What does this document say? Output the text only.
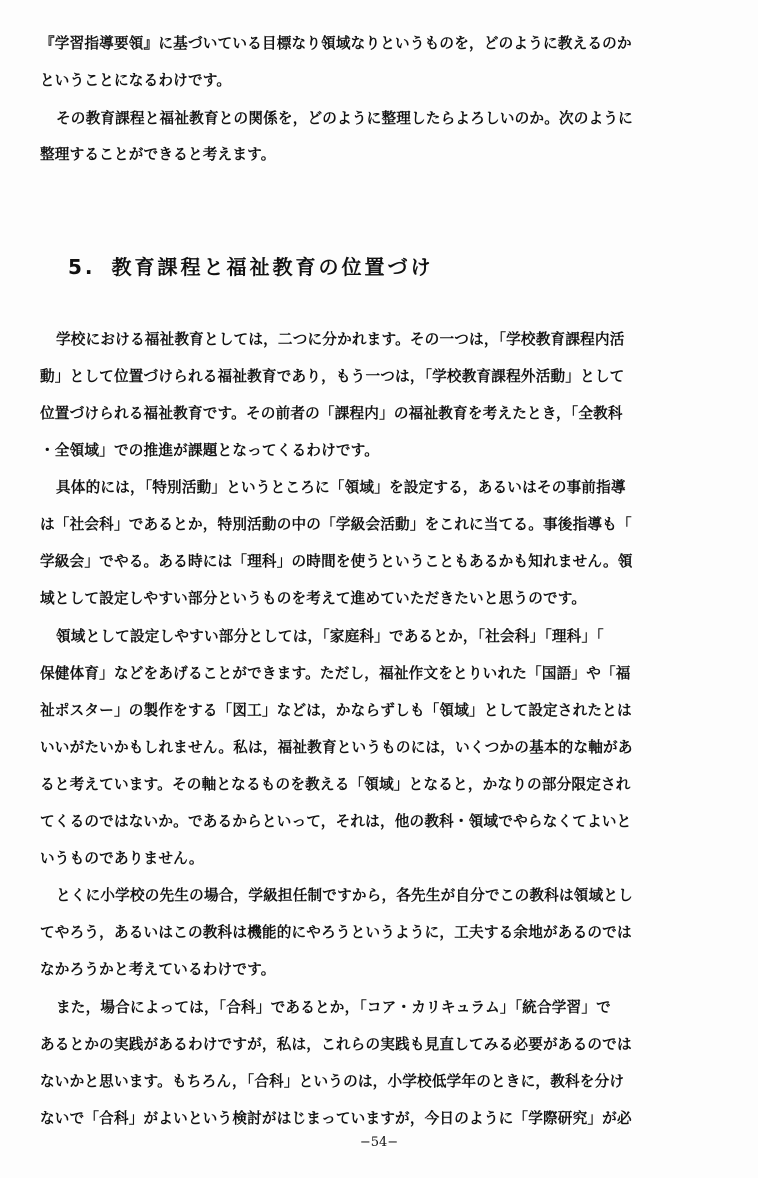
『学習指導要領』に基づいている目標なり領域なりというものを，どのように教えるのか
ということになるわけです。
その教育課程と福祉教育との関係を，どのように整理したらよろしいのか。次のように
整理することができると考えます。
5. 教育課程と福祉教育の位置づけ
学校における福祉教育としては，二つに分かれます。その一つは，「学校教育課程内活
動」として位置づけられる福祉教育であり，もう一つは，「学校教育課程外活動」として
位置づけられる福祉教育です。その前者の「課程内」の福祉教育を考えたとき，「全教科
・全領域」での推進が課題となってくるわけです。
具体的には，「特別活動」というところに「領域」を設定する，あるいはその事前指導
は「社会科」であるとか，特別活動の中の「学級会活動」をこれに当てる。事後指導も「
学級会」でやる。ある時には「理科」の時間を使うということもあるかも知れません。領
域として設定しやすい部分というものを考えて進めていただきたいと思うのです。
領域として設定しやすい部分としては，「家庭科」であるとか，「社会科」「理科」「
保健体育」などをあげることができます。ただし，福祉作文をとりいれた「国語」や「福
祉ポスター」の製作をする「図工」などは，かならずしも「領域」として設定されたとは
いいがたいかもしれません。私は，福祉教育というものには，いくつかの基本的な軸があ
ると考えています。その軸となるものを教える「領域」となると，かなりの部分限定され
てくるのではないか。であるからといって，それは，他の教科・領域でやらなくてよいと
いうものでありません。
とくに小学校の先生の場合，学級担任制ですから，各先生が自分でこの教科は領域とし
てやろう，あるいはこの教科は機能的にやろうというように，工夫する余地があるのでは
なかろうかと考えているわけです。
また，場合によっては，「合科」であるとか，「コア・カリキュラム」「統合学習」で
あるとかの実践があるわけですが，私は，これらの実践も見直してみる必要があるのでは
ないかと思います。もちろん，「合科」というのは，小学校低学年のときに，教科を分け
ないで「合科」がよいという検討がはじまっていますが，今日のように「学際研究」が必
−54−
